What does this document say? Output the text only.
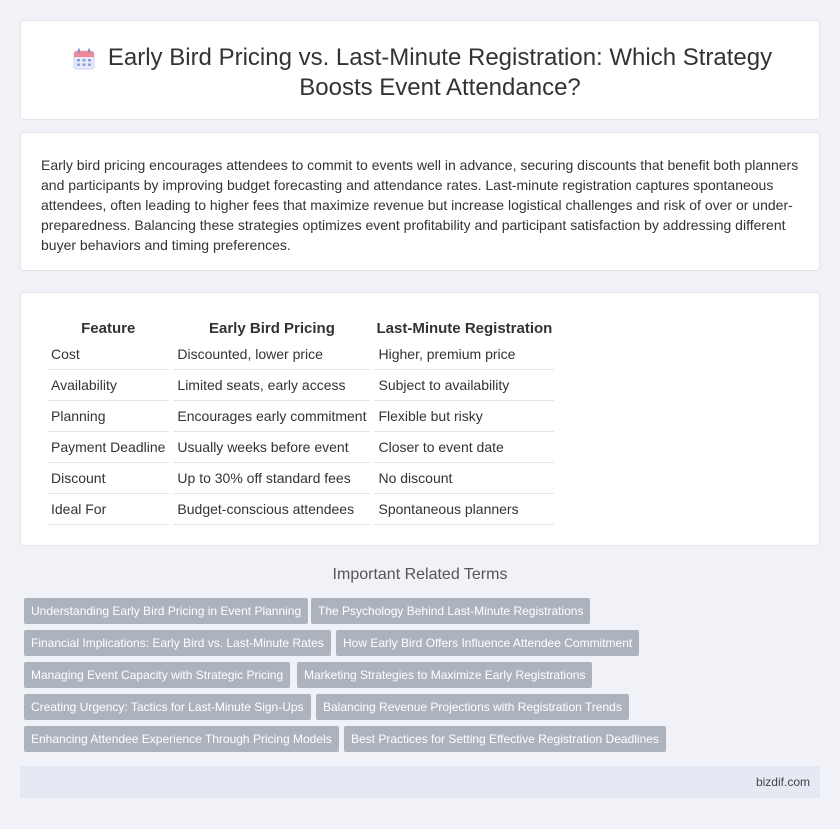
Early Bird Pricing vs. Last-Minute Registration: Which Strategy Boosts Event Attendance?

Early bird pricing encourages attendees to commit to events well in advance, securing discounts that benefit both planners and participants by improving budget forecasting and attendance rates. Last-minute registration captures spontaneous attendees, often leading to higher fees that maximize revenue but increase logistical challenges and risk of over or under-preparedness. Balancing these strategies optimizes event profitability and participant satisfaction by addressing different buyer behaviors and timing preferences.

Feature	Early Bird Pricing	Last-Minute Registration
Cost	Discounted, lower price	Higher, premium price
Availability	Limited seats, early access	Subject to availability
Planning	Encourages early commitment	Flexible but risky
Payment Deadline	Usually weeks before event	Closer to event date
Discount	Up to 30% off standard fees	No discount
Ideal For	Budget-conscious attendees	Spontaneous planners
Important Related Terms
Understanding Early Bird Pricing in Event Planning	The Psychology Behind Last-Minute Registrations
Financial Implications: Early Bird vs. Last-Minute Rates	How Early Bird Offers Influence Attendee Commitment
Managing Event Capacity with Strategic Pricing	Marketing Strategies to Maximize Early Registrations
Creating Urgency: Tactics for Last-Minute Sign-Ups	Balancing Revenue Projections with Registration Trends
Enhancing Attendee Experience Through Pricing Models	Best Practices for Setting Effective Registration Deadlines
bizdif.com
